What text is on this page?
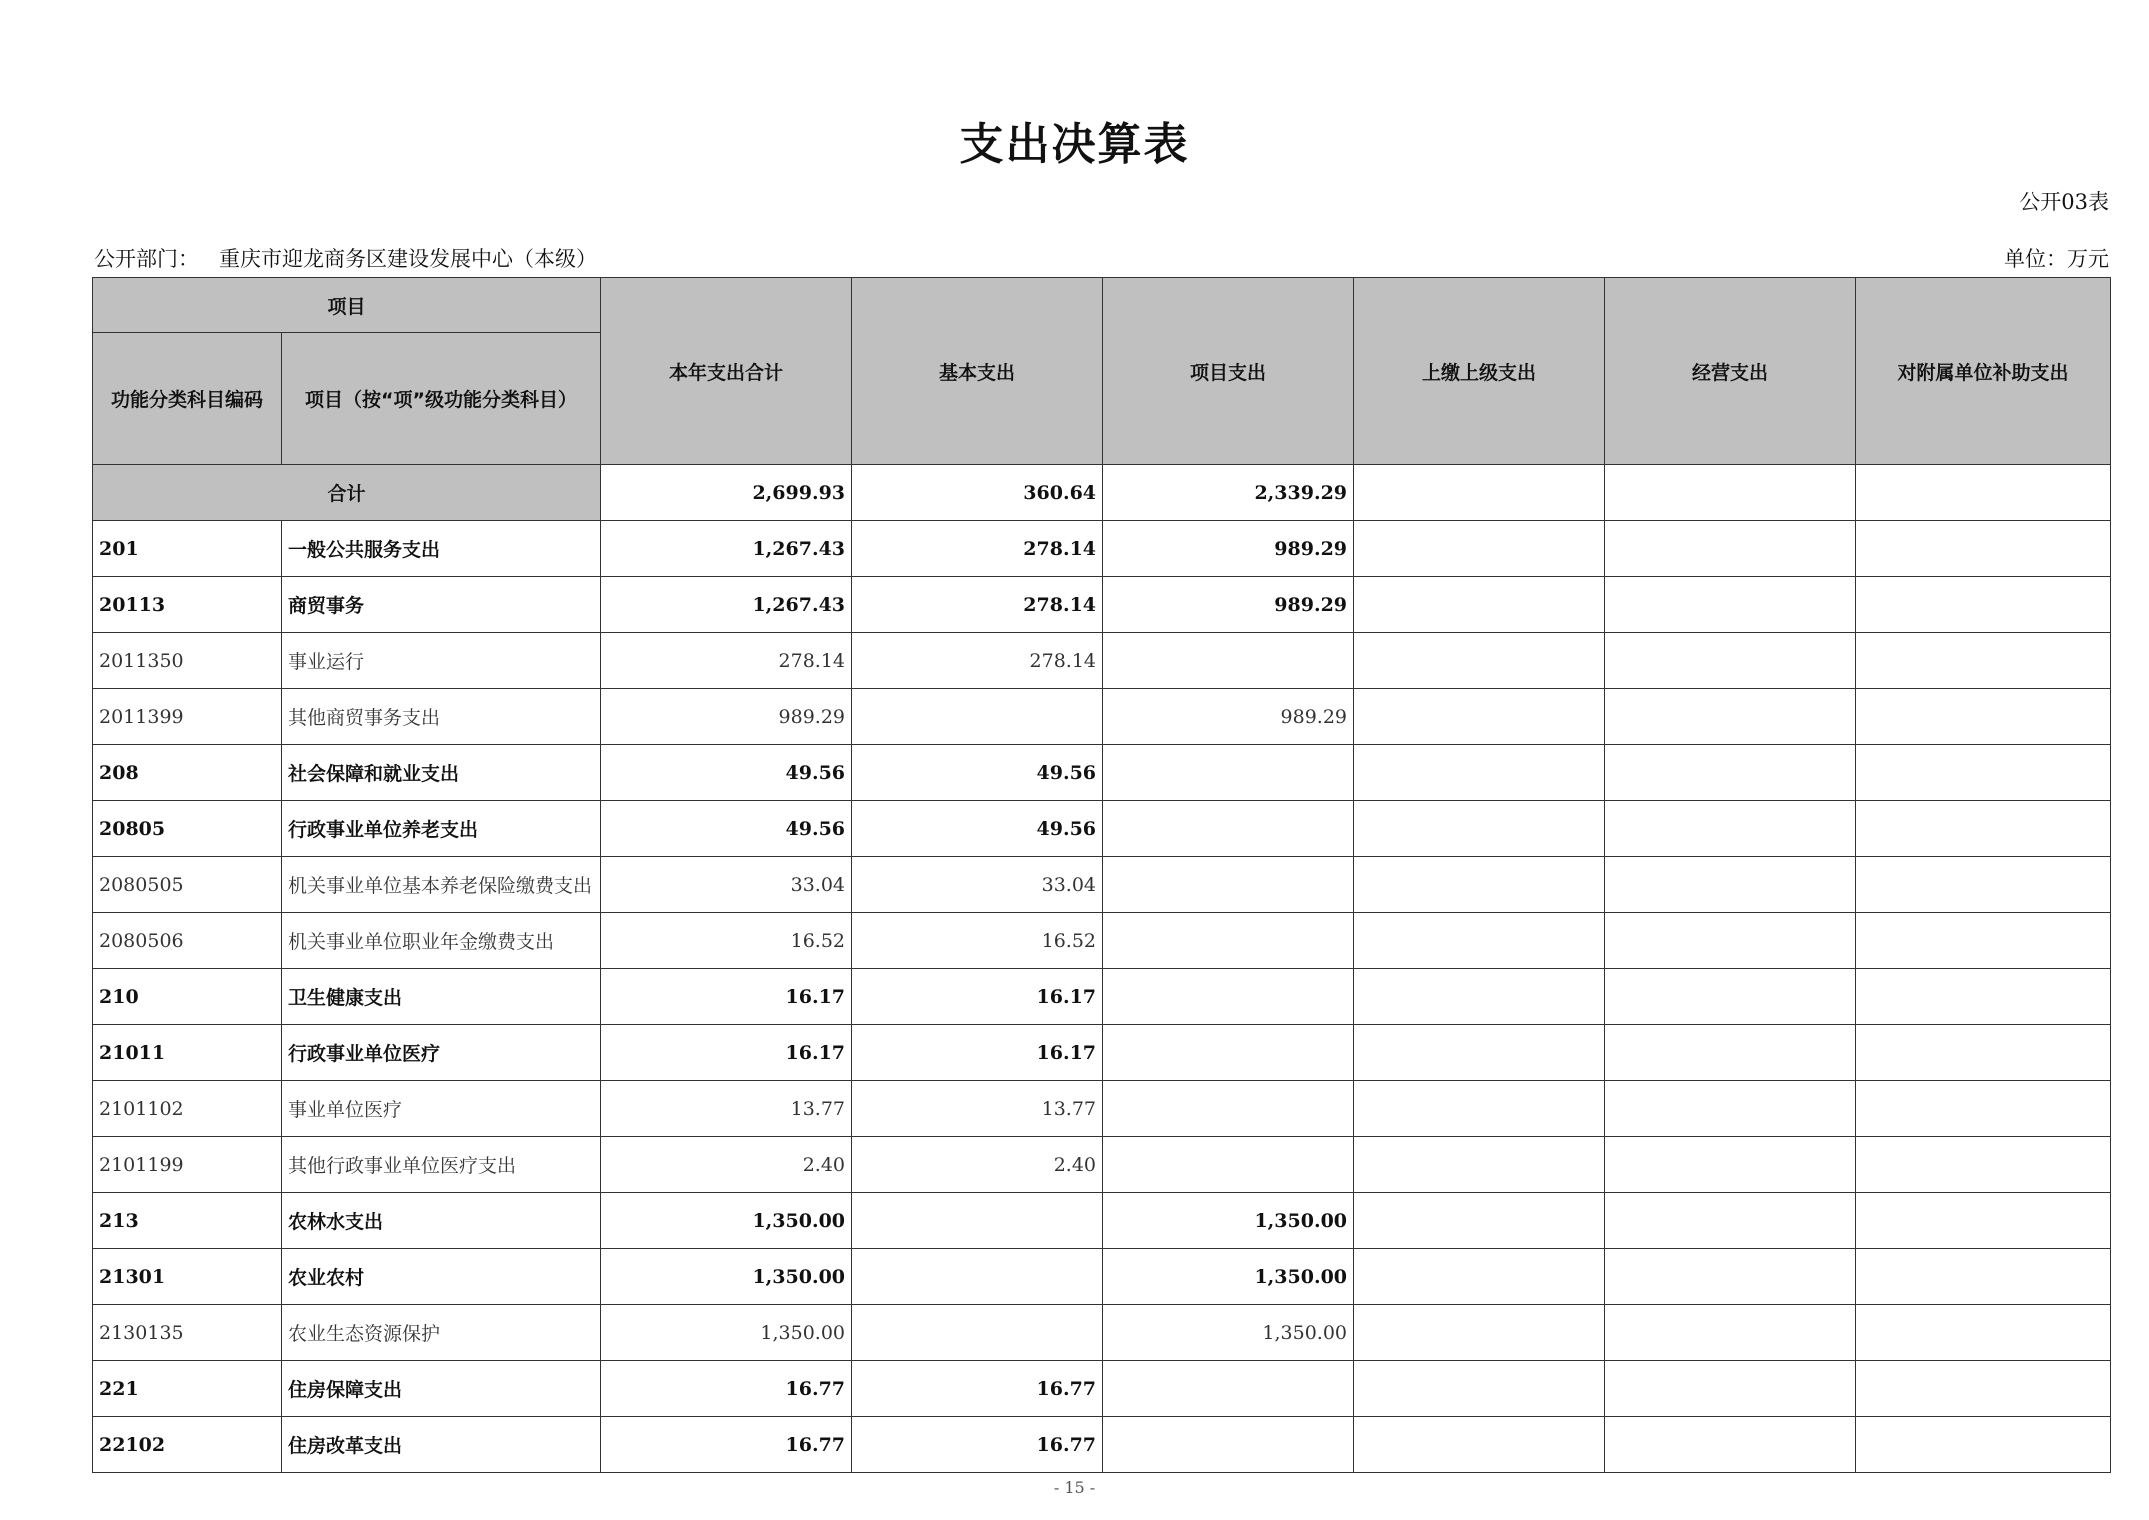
支出决算表
公开03表
公开部门： 重庆市迎龙商务区建设发展中心（本级）	单位：万元
项目		本年支出合计	基本支出	项目支出	上缴上级支出	经营支出	对附属单位补助支出
功能分类科目编码	项目（按“项”级功能分类科目）						
合计		2,699.93	360.64	2,339.29			
201	一般公共服务支出	1,267.43	278.14	989.29			
20113	商贸事务	1,267.43	278.14	989.29			
2011350	事业运行	278.14	278.14				
2011399	其他商贸事务支出	989.29		989.29			
208	社会保障和就业支出	49.56	49.56				
20805	行政事业单位养老支出	49.56	49.56				
2080505	机关事业单位基本养老保险缴费支出	33.04	33.04				
2080506	机关事业单位职业年金缴费支出	16.52	16.52				
210	卫生健康支出	16.17	16.17				
21011	行政事业单位医疗	16.17	16.17				
2101102	事业单位医疗	13.77	13.77				
2101199	其他行政事业单位医疗支出	2.40	2.40				
213	农林水支出	1,350.00		1,350.00			
21301	农业农村	1,350.00		1,350.00			
2130135	农业生态资源保护	1,350.00		1,350.00			
221	住房保障支出	16.77	16.77				
22102	住房改革支出	16.77	16.77				
- 15 -
